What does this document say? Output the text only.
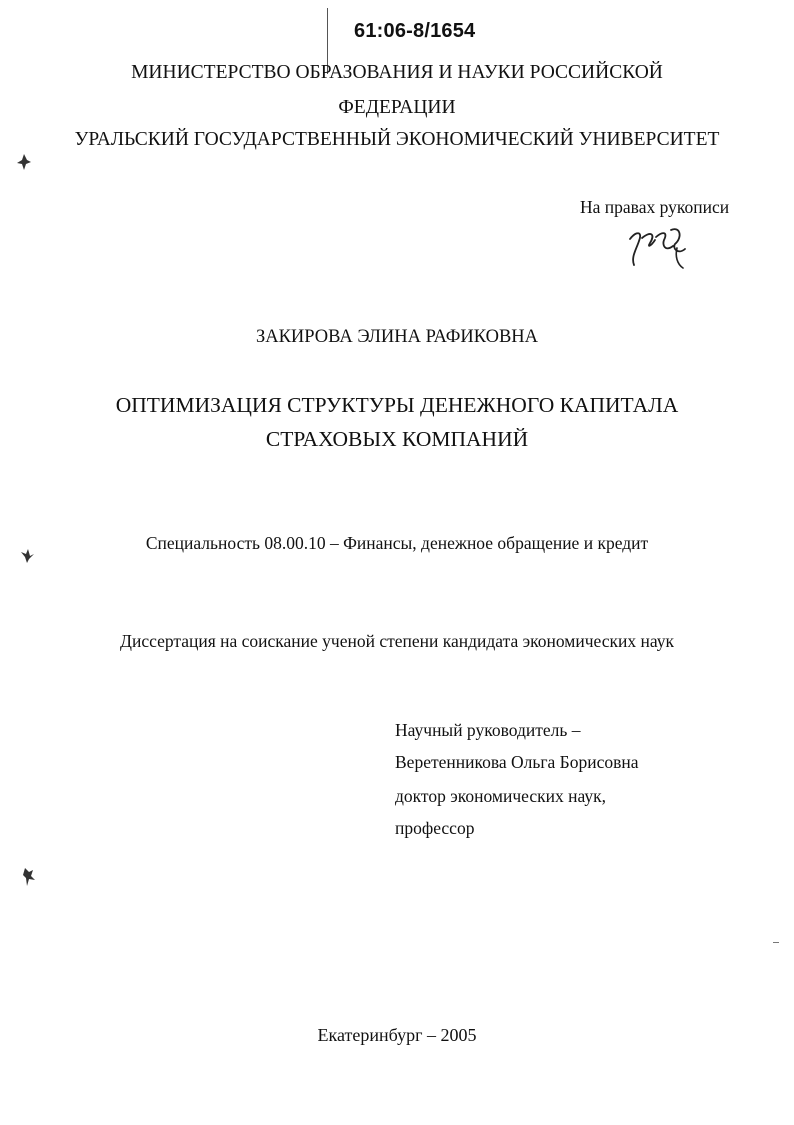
61:06-8/1654
МИНИСТЕРСТВО ОБРАЗОВАНИЯ И НАУКИ РОССИЙСКОЙ
ФЕДЕРАЦИИ
УРАЛЬСКИЙ ГОСУДАРСТВЕННЫЙ ЭКОНОМИЧЕСКИЙ УНИВЕРСИТЕТ
На правах рукописи
ЗАКИРОВА ЭЛИНА РАФИКОВНА
ОПТИМИЗАЦИЯ СТРУКТУРЫ ДЕНЕЖНОГО КАПИТАЛА
СТРАХОВЫХ КОМПАНИЙ
Специальность 08.00.10 – Финансы, денежное обращение и кредит
Диссертация на соискание ученой степени кандидата экономических наук
Научный руководитель –
Веретенникова Ольга Борисовна
доктор экономических наук,
профессор
Екатеринбург – 2005
